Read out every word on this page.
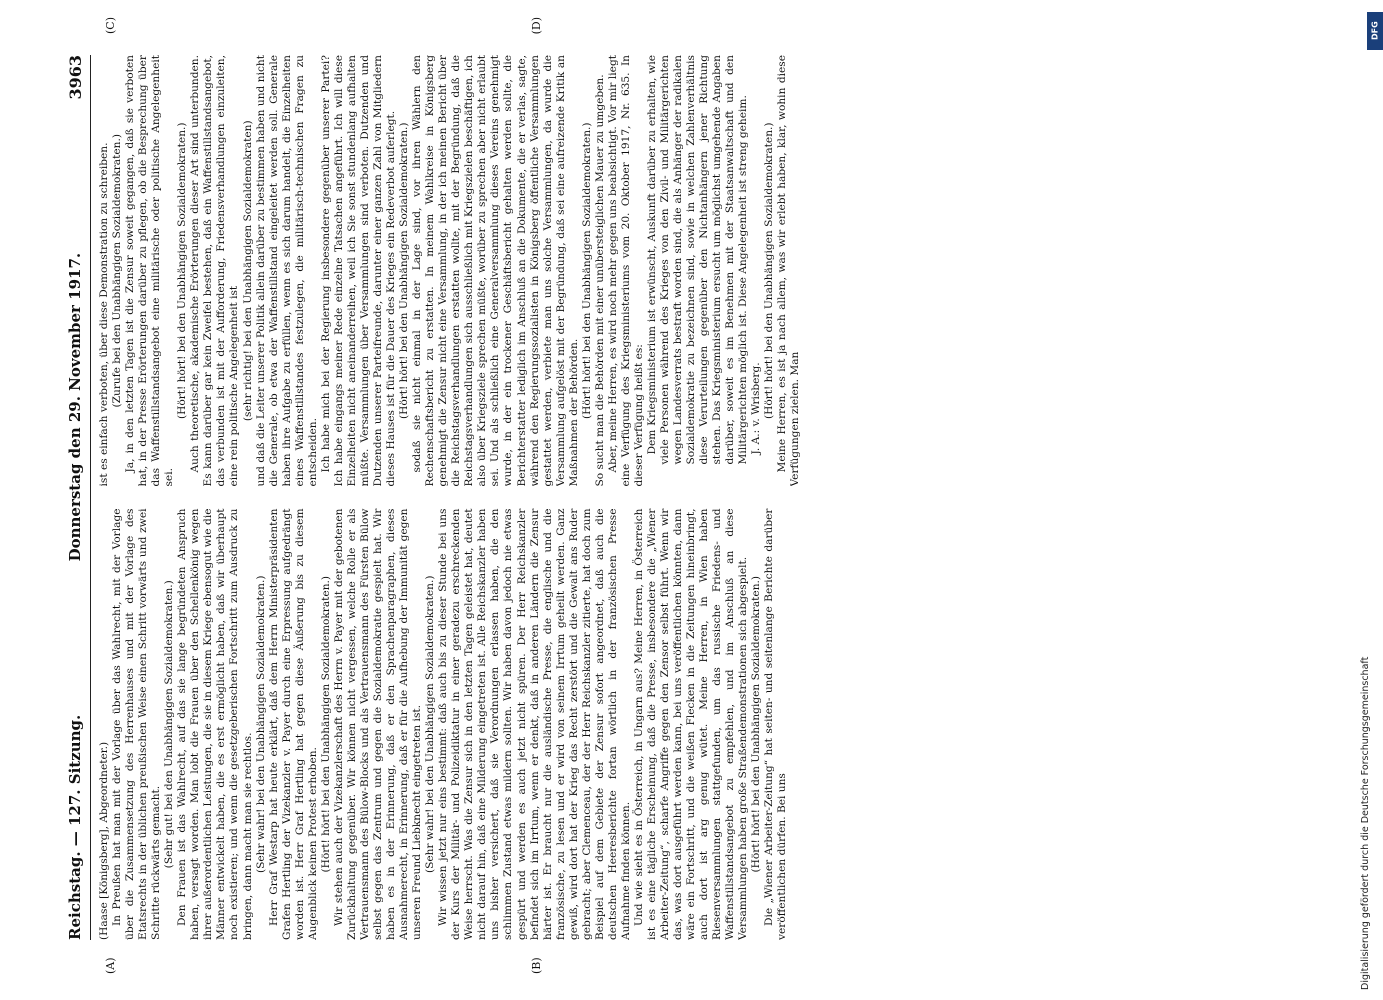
Reichstag. — 127. Sitzung.
Donnerstag den 29. November 1917.
3963
(A)	(B)

(Haase [Königsberg], Abgeordneter.) In Preußen hat man mit der Vorlage über das Wahlrecht, mit der Vorlage über die Zusammensetzung des Herrenhauses und mit der Vorlage des Etatsrechts in der üblichen preußischen Weise einen Schritt vorwärts und zwei Schritte rückwärts gemacht. (Sehr gut! bei den Unabhängigen Sozialdemokraten.) Den Frauen ist das Wahlrecht, auf das sie lange begründeten Anspruch haben, versagt worden. Man lobt die Frauen über den Schellenkönig wegen ihrer außerordentlichen Leistungen, die sie in diesem Kriege ebensogut wie die Männer entwickelt haben, die es erst ermöglicht haben, daß wir überhaupt noch existieren; und wenn die gesetzgeberischen Fortschritt zum Ausdruck zu bringen, dann macht man sie rechtlos. (Sehr wahr! bei den Unabhängigen Sozialdemokraten.) Herr Graf Westarp hat heute erklärt, daß dem Herrn Ministerpräsidenten Grafen Hertling der Vizekanzler v. Payer durch eine Erpressung aufgedrängt worden ist. Herr Graf Hertling hat gegen diese Äußerung bis zu diesem Augenblick keinen Protest erhoben. (Hört! hört! bei den Unabhängigen Sozialdemokraten.) Wir stehen auch der Vizekanzlerschaft des Herrn v. Payer mit der gebotenen Zurückhaltung gegenüber. Wir können nicht vergessen, welche Rolle er als Vertrauensmann des Bülow-Blocks und als Vertrauensmann des Fürsten Bülow selbst gegen das Zentrum und gegen die Sozialdemokratie gespielt hat. Wir haben es in der Erinnerung, daß er den Sprachenparagraphen, dieses Ausnahmerecht, in Erinnerung, daß er für die Aufhebung der Immunität gegen unseren Freund Liebknecht eingetreten ist. (Sehr wahr! bei den Unabhängigen Sozialdemokraten.) Wir wissen jetzt nur eins bestimmt: daß auch bis zu dieser Stunde bei uns der Kurs der Militär- und Polizeidiktatur in einer geradezu erschreckenden Weise herrscht. Was die Zensur sich in den letzten Tagen geleistet hat, deutet nicht darauf hin, daß eine Milderung eingetreten ist. Alle Reichskanzler haben uns bisher versichert, daß sie Verordnungen erlassen haben, die den schlimmen Zustand etwas mildern sollten. Wir haben davon jedoch nie etwas gespürt und werden es auch jetzt nicht spüren. Der Herr Reichskanzler befindet sich im Irrtum, wenn er denkt, daß in anderen Ländern die Zensur härter ist. Er braucht nur die ausländische Presse, die englische und die französische, zu lesen und er wird von seinem Irrtum geheilt werden. Ganz gewiß, wird dort hat der Krieg das Recht zerstört und die Gewalt ans Ruder gebracht; aber Clemenceau, der der Herr Reichskanzler zitierte, hat doch zum Beispiel auf dem Gebiete der Zensur sofort angeordnet, daß auch die deutschen Heeresberichte fortan wörtlich in der französischen Presse Aufnahme finden können. Und wie sieht es in Österreich, in Ungarn aus? Meine Herren, in Österreich ist es eine tägliche Erscheinung, daß die Presse, insbesondere die „Wiener Arbeiter-Zeitung“, scharfe Angriffe gegen den Zensor selbst führt. Wenn wir das, was dort ausgeführt werden kann, bei uns veröffentlichen könnten, dann wäre ein Fortschritt, und die weißen Flecken in die Zeitungen hineinbringt, auch dort ist arg genug wütet. Meine Herren, in Wien haben Riesenversammlungen stattgefunden, um das russische Friedens- und Waffenstillstandsangebot zu empfehlen, und im Anschluß an diese Versammlungen haben große Straßendemonstrationen sich abgespielt. (Hört! hört! bei den Unabhängigen Sozialdemokraten.) Die „Wiener Arbeiter-Zeitung“ hat seiten- und seitenlange Berichte darüber veröffentlichen dürfen. Bei uns

ist es einfach verboten, über diese Demonstration zu schreiben. (Zurufe bei den Unabhängigen Sozialdemokraten.) Ja, in den letzten Tagen ist die Zensur soweit gegangen, daß sie verboten hat, in der Presse Erörterungen darüber zu pflegen, ob die Besprechung über das Waffenstillstandsangebot eine militärische oder politische Angelegenheit sei.

(Hört! hört! bei den Unabhängigen Sozialdemokraten.) Auch theoretische, akademische Erörterungen dieser Art sind unterbunden. Es kann darüber gar kein Zweifel bestehen, daß ein Waffenstillstandsangebot, das verbunden ist mit der Aufforderung, Friedensverhandlungen einzuleiten, eine rein politische Angelegenheit ist (sehr richtig! bei den Unabhängigen Sozialdemokraten) und daß die Leiter unserer Politik allein darüber zu bestimmen haben und nicht die Generale, ob etwa der Waffenstillstand eingeleitet werden soll. Generale haben ihre Aufgabe zu erfüllen, wenn es sich darum handelt, die Einzelheiten eines Waffenstillstandes festzulegen, die militärisch-technischen Fragen zu entscheiden. Ich habe mich bei der Regierung insbesondere gegenüber unserer Partei? Ich habe eingangs meiner Rede einzelne Tatsachen angeführt. Ich will diese Einzelheiten nicht aneinanderreihen, weil ich Sie sonst stundenlang aufhalten müßte. Versammlungen über Versammlungen sind verboten. Dutzenden und Dutzenden unserer Parteifreunde, darunter einer ganzen Zahl von Mitgliedern dieses Hauses ist für die Dauer des Krieges ein Redeverbot auferlegt. (Hört! hört! bei den Unabhängigen Sozialdemokraten.) sodaß sie nicht einmal in der Lage sind, vor ihren Wählern den Rechenschaftsbericht zu erstatten. In meinem Wahlkreise in Königsberg genehmigt die Zensur nicht eine Versammlung, in der ich meinen Bericht über die Reichstagsverhandlungen erstatten wollte, mit der Begründung, daß die Reichstagsverhandlungen sich ausschließlich mit Kriegszielen beschäftigen, ich also über Kriegsziele sprechen müßte, worüber zu sprechen aber nicht erlaubt sei. Und als schließlich eine Generalversammlung dieses Vereins genehmigt wurde, in der ein trockener Geschäftsbericht gehalten werden sollte, die Berichterstatter lediglich im Anschluß an die Dokumente, die er verlas, sagte, während den Regierungssozialisten in Königsberg öffentliche Versammlungen gestattet werden, verbiete man uns solche Versammlungen, da wurde die Versammlung aufgelöst mit der Begründung, daß sei eine aufreizende Kritik an Maßnahmen der Behörden. (Hört! hört! bei den Unabhängigen Sozialdemokraten.) So sucht man die Behörden mit einer unübersteiglichen Mauer zu umgeben. Aber, meine Herren, es wird noch mehr gegen uns beabsichtigt. Vor mir liegt eine Verfügung des Kriegsministeriums vom 20. Oktober 1917, Nr. 635. In dieser Verfügung heißt es: Dem Kriegsministerium ist erwünscht, Auskunft darüber zu erhalten, wie viele Personen während des Krieges von den Zivil- und Militärgerichten wegen Landesverrats bestraft worden sind, die als Anhänger der radikalen Sozialdemokratie zu bezeichnen sind, sowie in welchen Zahlenverhältnis diese Verurteilungen gegenüber den Nichtanhängern jener Richtung stehen. Das Kriegsministerium ersucht um möglichst umgehende Angaben darüber, soweit es im Benehmen mit der Staatsanwaltschaft und den Militärgerichten möglich ist. Diese Angelegenheit ist streng geheim. J. A.: v. Wrisberg. (Hört! hört! bei den Unabhängigen Sozialdemokraten.) Meine Herren, es ist ja nach allem, was wir erlebt haben, klar, wohin diese Verfügungen zielen. Man

(C)	(D)
Digitalisierung gefördert durch die Deutsche Forschungsgemeinschaft
DFG
